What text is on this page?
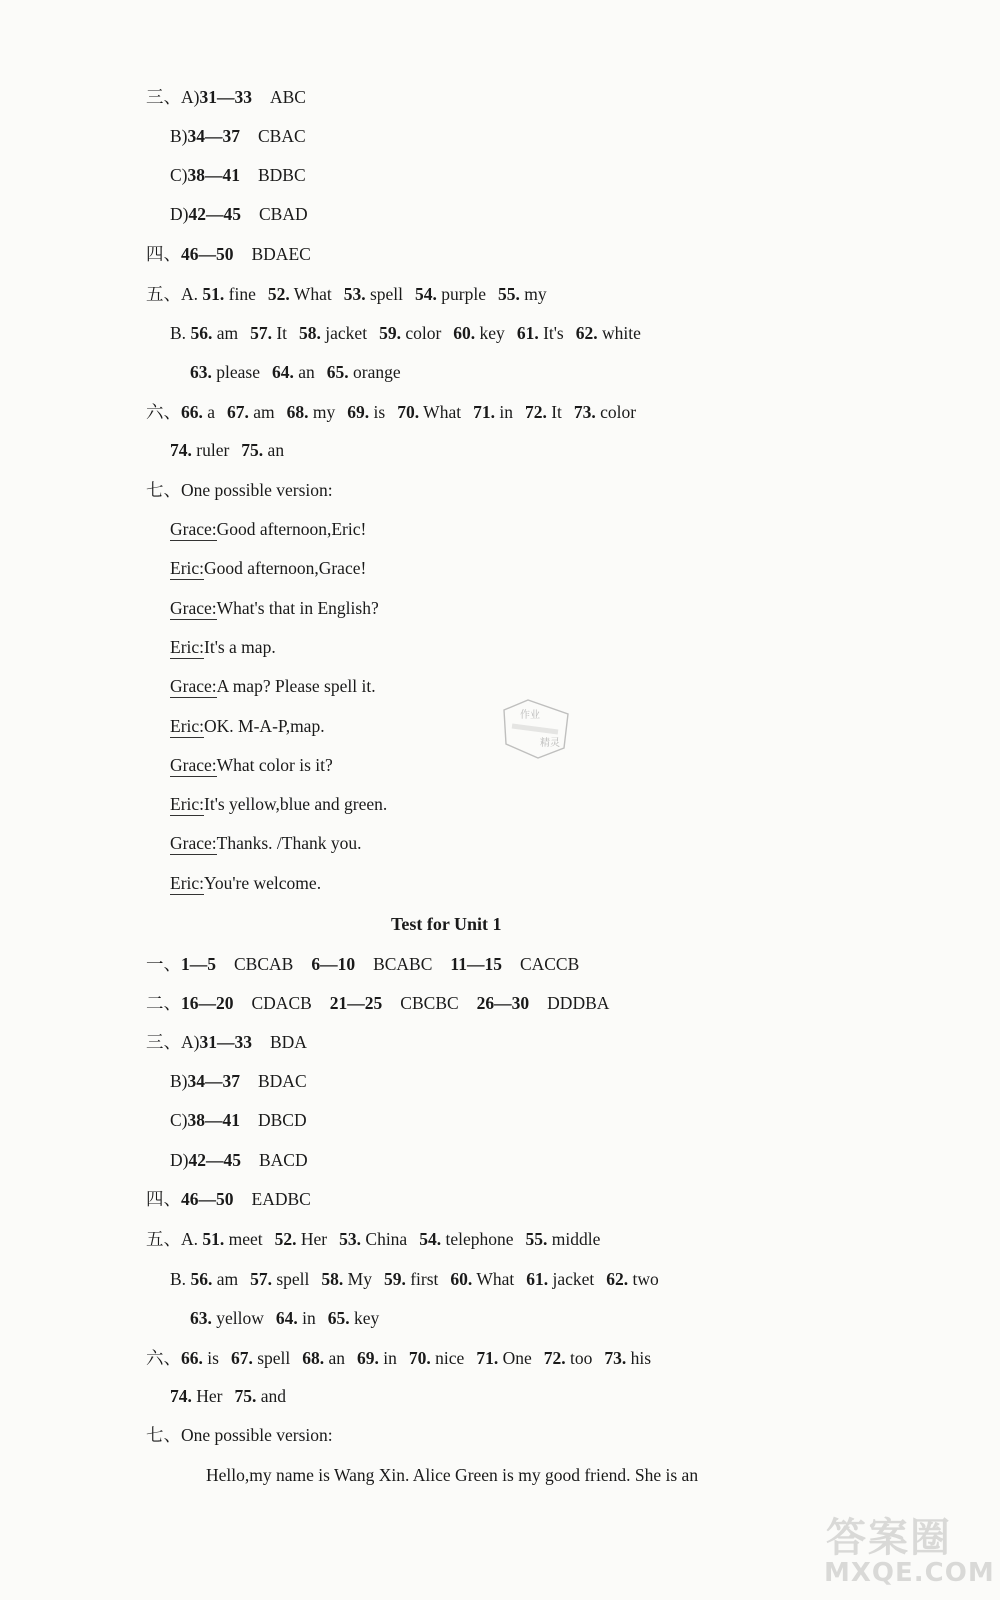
三、A)31—33 ABC
B)34—37 CBAC
C)38—41 BDBC
D)42—45 CBAD
四、46—50 BDAEC
五、A. 51. fine 52. What 53. spell 54. purple 55. my
B. 56. am 57. It 58. jacket 59. color 60. key 61. It's 62. white
63. please 64. an 65. orange
六、66. a 67. am 68. my 69. is 70. What 71. in 72. It 73. color
74. ruler 75. an
七、One possible version:
Grace:Good afternoon,Eric!
Eric:Good afternoon,Grace!
Grace:What's that in English?
Eric:It's a map.
Grace:A map? Please spell it.
Eric:OK. M-A-P,map.
Grace:What color is it?
Eric:It's yellow,blue and green.
Grace:Thanks. /Thank you.
Eric:You're welcome.
作业
精灵
Test for Unit 1
一、1—5 CBCAB 6—10 BCABC 11—15 CACCB
二、16—20 CDACB 21—25 CBCBC 26—30 DDDBA
三、A)31—33 BDA
B)34—37 BDAC
C)38—41 DBCD
D)42—45 BACD
四、46—50 EADBC
五、A. 51. meet 52. Her 53. China 54. telephone 55. middle
B. 56. am 57. spell 58. My 59. first 60. What 61. jacket 62. two
63. yellow 64. in 65. key
六、66. is 67. spell 68. an 69. in 70. nice 71. One 72. too 73. his
74. Her 75. and
七、One possible version:
Hello,my name is Wang Xin. Alice Green is my good friend. She is an
答案圈
MXQE.COM
